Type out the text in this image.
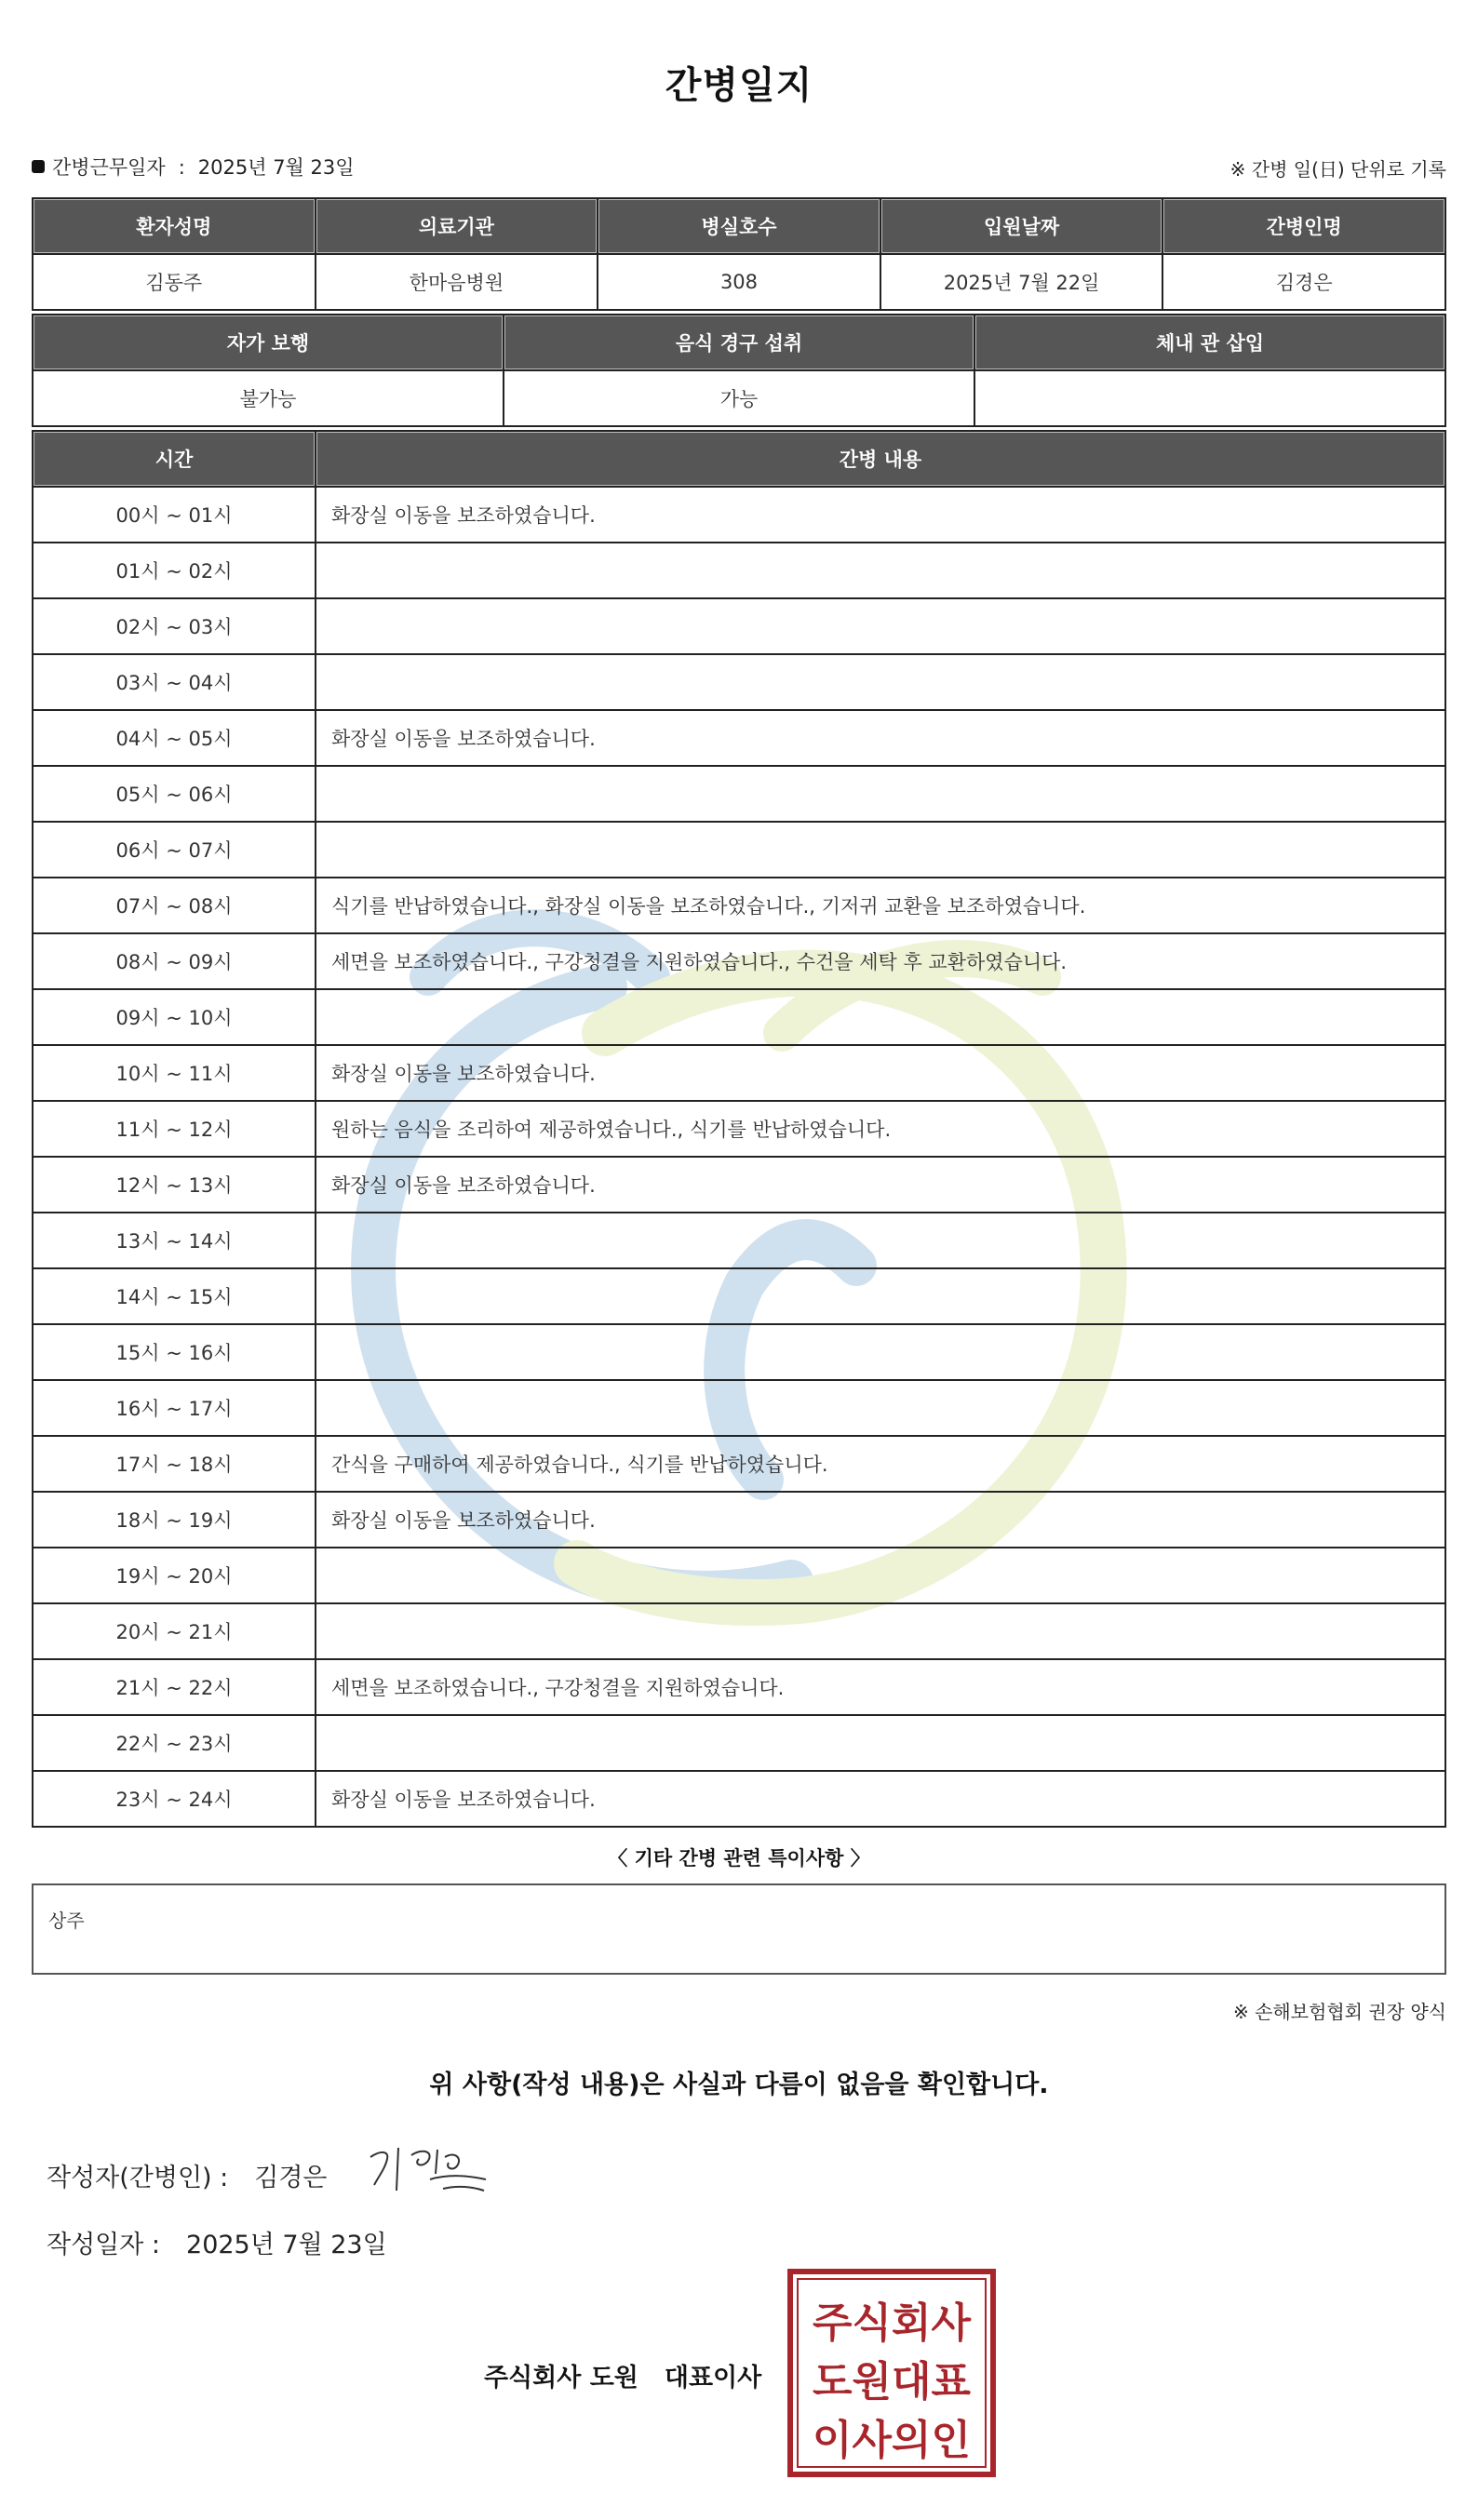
간병일지
간병근무일자 : 2025년 7월 23일	※ 간병 일(日) 단위로 기록
환자성명	의료기관	병실호수	입원날짜	간병인명
김동주	한마음병원	308	2025년 7월 22일	김경은
자가 보행	음식 경구 섭취	체내 관 삽입
불가능	가능	
시간	간병 내용
00시 ~ 01시	화장실 이동을 보조하였습니다.
01시 ~ 02시	
02시 ~ 03시	
03시 ~ 04시	
04시 ~ 05시	화장실 이동을 보조하였습니다.
05시 ~ 06시	
06시 ~ 07시	
07시 ~ 08시	식기를 반납하였습니다., 화장실 이동을 보조하였습니다., 기저귀 교환을 보조하였습니다.
08시 ~ 09시	세면을 보조하였습니다., 구강청결을 지원하였습니다., 수건을 세탁 후 교환하였습니다.
09시 ~ 10시	
10시 ~ 11시	화장실 이동을 보조하였습니다.
11시 ~ 12시	원하는 음식을 조리하여 제공하였습니다., 식기를 반납하였습니다.
12시 ~ 13시	화장실 이동을 보조하였습니다.
13시 ~ 14시	
14시 ~ 15시	
15시 ~ 16시	
16시 ~ 17시	
17시 ~ 18시	간식을 구매하여 제공하였습니다., 식기를 반납하였습니다.
18시 ~ 19시	화장실 이동을 보조하였습니다.
19시 ~ 20시	
20시 ~ 21시	
21시 ~ 22시	세면을 보조하였습니다., 구강청결을 지원하였습니다.
22시 ~ 23시	
23시 ~ 24시	화장실 이동을 보조하였습니다.
〈 기타 간병 관련 특이사항 〉
상주
※ 손해보험협회 권장 양식
위 사항(작성 내용)은 사실과 다름이 없음을 확인합니다.
작성자(간병인) : 김경은
작성일자 : 2025년 7월 23일
주식회사 도원 대표이사
주식회사
도원대표
이사의인
